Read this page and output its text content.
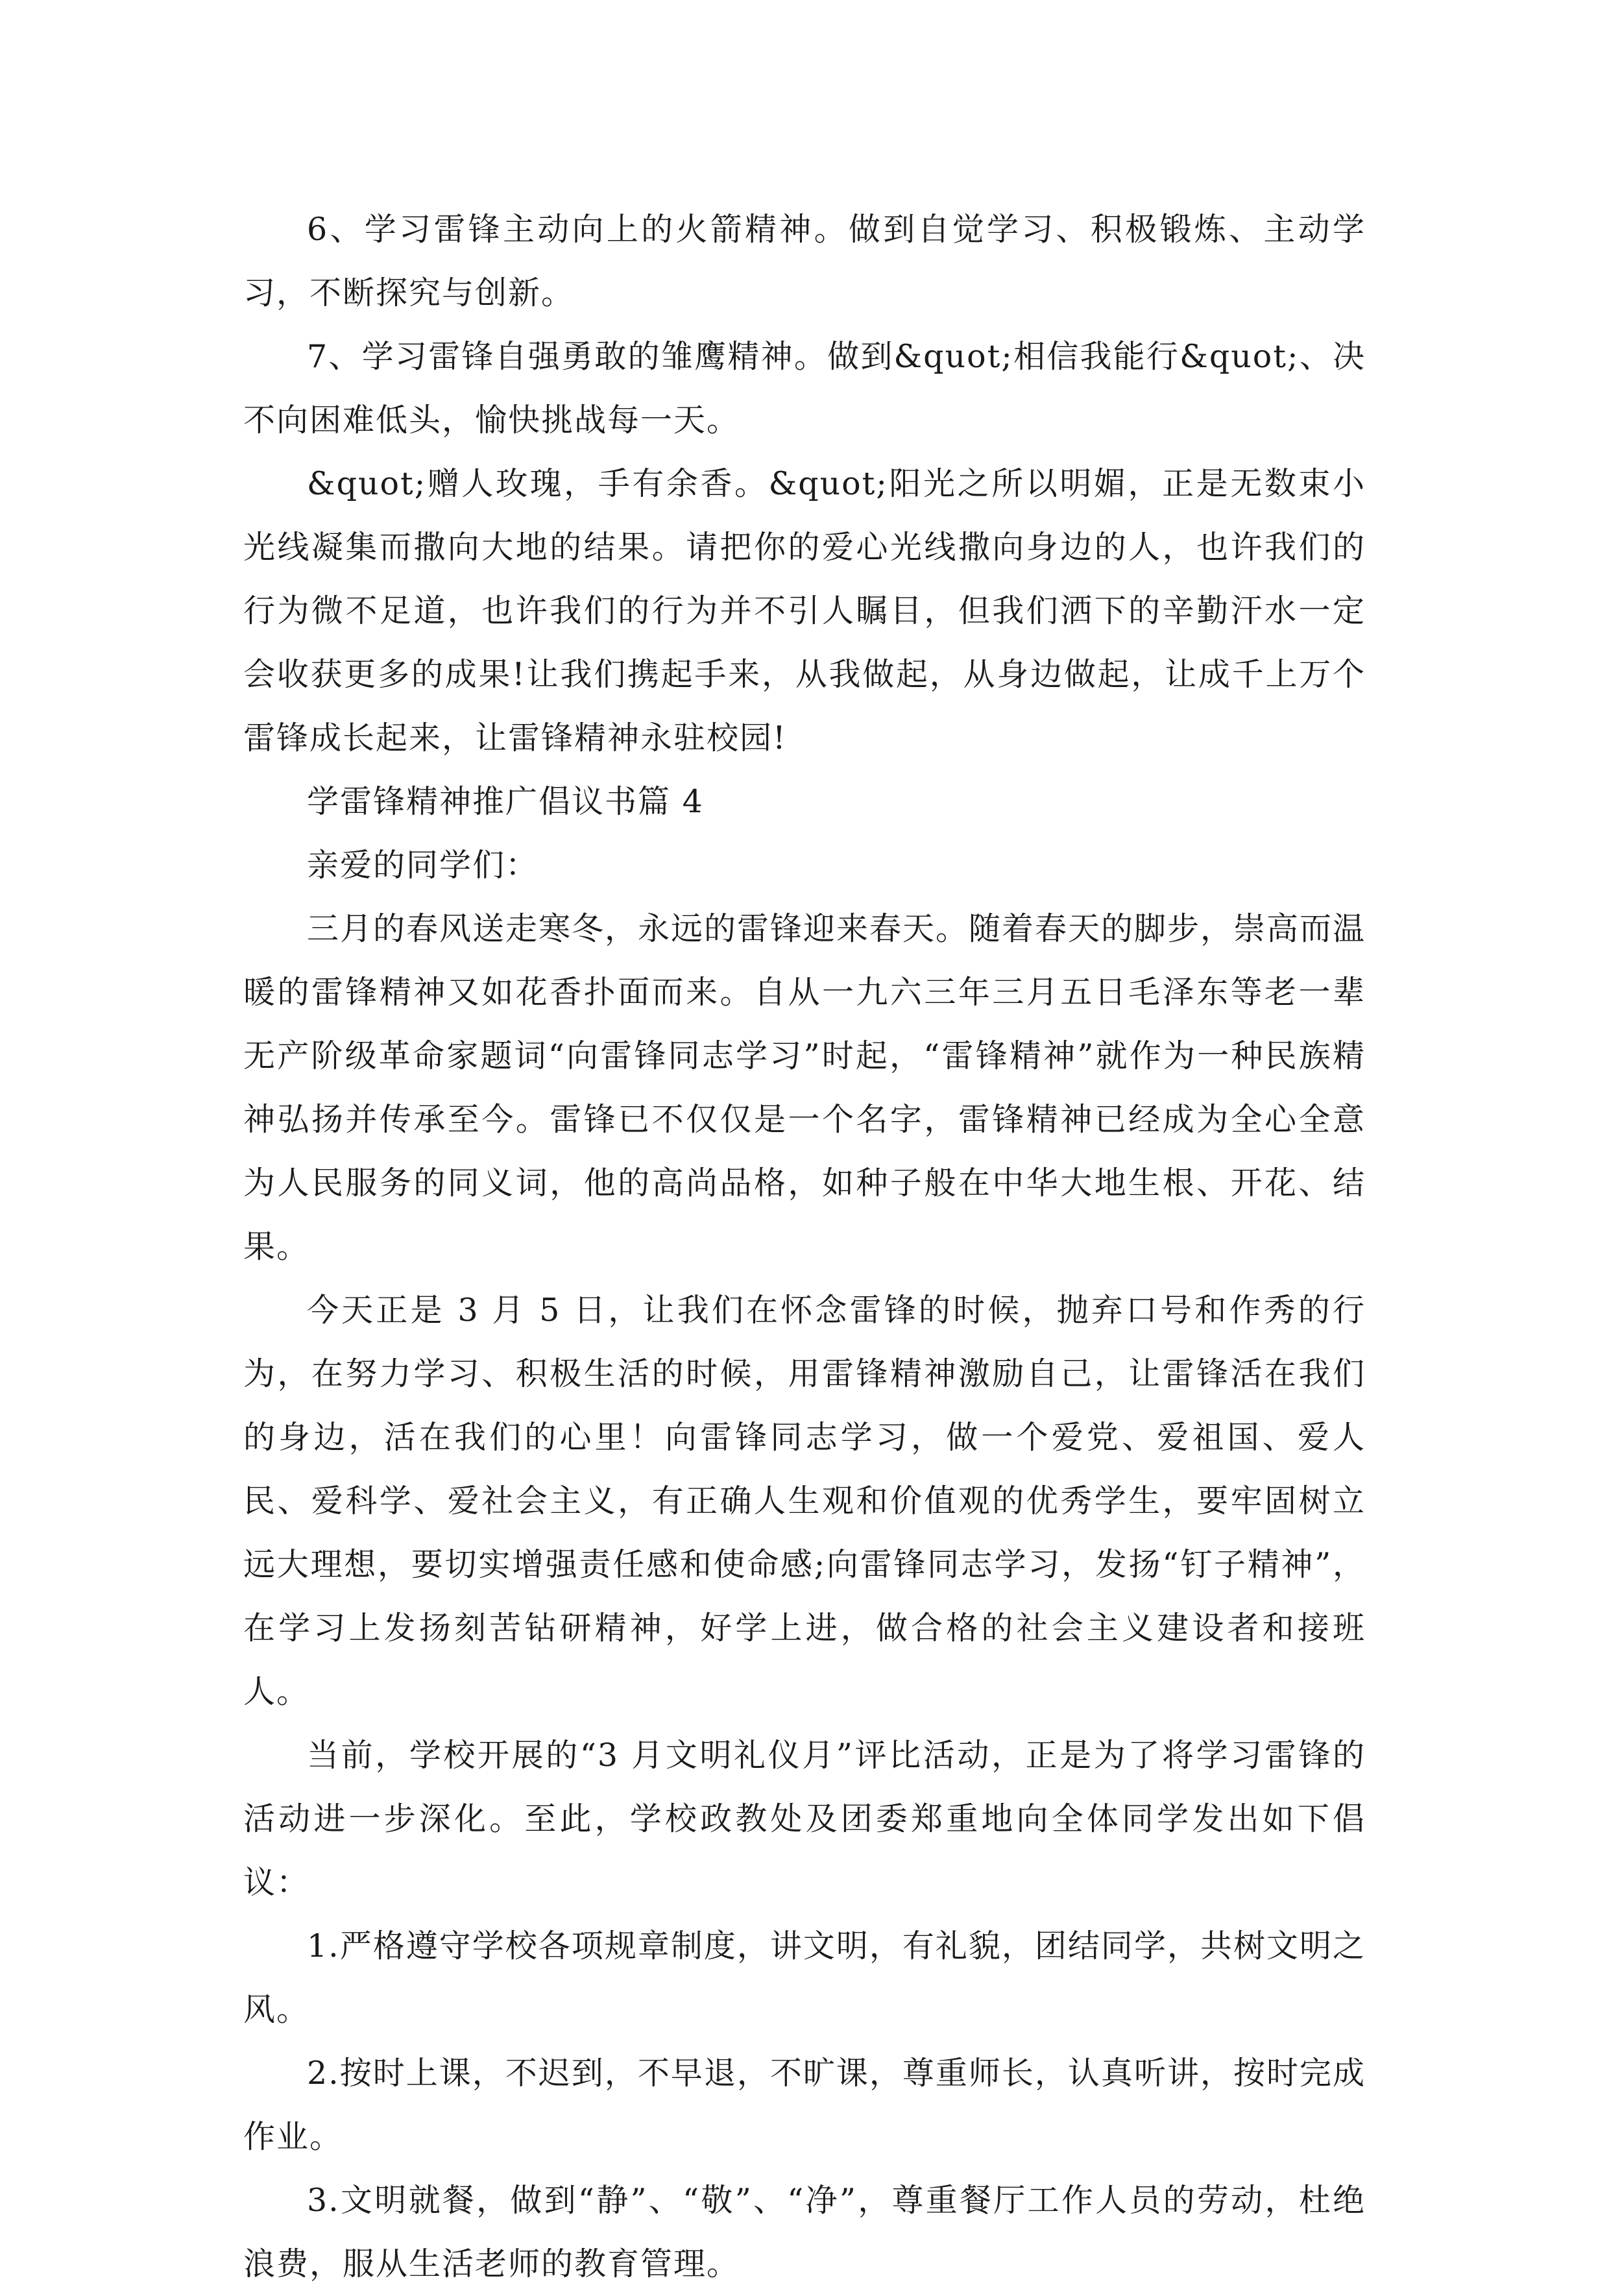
6、学习雷锋主动向上的火箭精神。做到自觉学习、积极锻炼、主动学习，不断探究与创新。

7、学习雷锋自强勇敢的雏鹰精神。做到&quot;相信我能行&quot;、决不向困难低头，愉快挑战每一天。

&quot;赠人玫瑰，手有余香。&quot;阳光之所以明媚，正是无数束小光线凝集而撒向大地的结果。请把你的爱心光线撒向身边的人，也许我们的行为微不足道，也许我们的行为并不引人瞩目，但我们洒下的辛勤汗水一定会收获更多的成果!让我们携起手来，从我做起，从身边做起，让成千上万个雷锋成长起来，让雷锋精神永驻校园!

学雷锋精神推广倡议书篇 4

亲爱的同学们：

三月的春风送走寒冬，永远的雷锋迎来春天。随着春天的脚步，崇高而温暖的雷锋精神又如花香扑面而来。自从一九六三年三月五日毛泽东等老一辈无产阶级革命家题词“向雷锋同志学习”时起，“雷锋精神”就作为一种民族精神弘扬并传承至今。雷锋已不仅仅是一个名字，雷锋精神已经成为全心全意为人民服务的同义词，他的高尚品格，如种子般在中华大地生根、开花、结果。

今天正是 3 月 5 日，让我们在怀念雷锋的时候，抛弃口号和作秀的行为，在努力学习、积极生活的时候，用雷锋精神激励自己，让雷锋活在我们的身边，活在我们的心里！向雷锋同志学习，做一个爱党、爱祖国、爱人民、爱科学、爱社会主义，有正确人生观和价值观的优秀学生，要牢固树立远大理想，要切实增强责任感和使命感;向雷锋同志学习，发扬“钉子精神”，在学习上发扬刻苦钻研精神，好学上进，做合格的社会主义建设者和接班人。

当前，学校开展的“3 月文明礼仪月”评比活动，正是为了将学习雷锋的活动进一步深化。至此，学校政教处及团委郑重地向全体同学发出如下倡议：

1.严格遵守学校各项规章制度，讲文明，有礼貌，团结同学，共树文明之风。

2.按时上课，不迟到，不早退，不旷课，尊重师长，认真听讲，按时完成作业。

3.文明就餐，做到“静”、“敬”、“净”，尊重餐厅工作人员的劳动，杜绝浪费，服从生活老师的教育管理。
